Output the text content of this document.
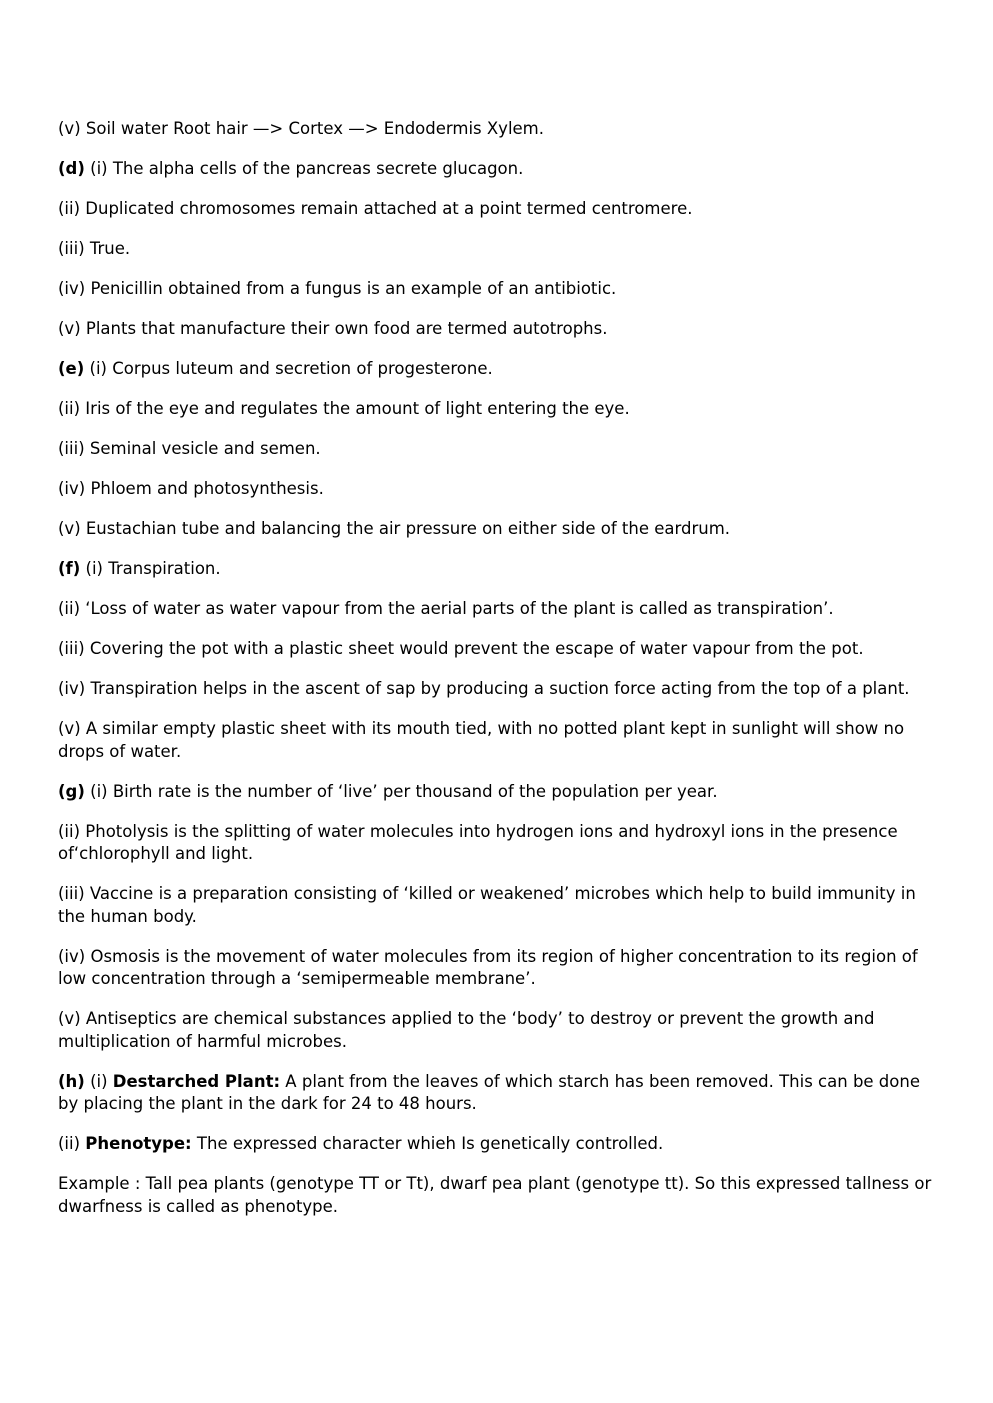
(v) Soil water Root hair —> Cortex —> Endodermis Xylem.

(d) (i) The alpha cells of the pancreas secrete glucagon.

(ii) Duplicated chromosomes remain attached at a point termed centromere.

(iii) True.

(iv) Penicillin obtained from a fungus is an example of an antibiotic.

(v) Plants that manufacture their own food are termed autotrophs.

(e) (i) Corpus luteum and secretion of progesterone.

(ii) Iris of the eye and regulates the amount of light entering the eye.

(iii) Seminal vesicle and semen.

(iv) Phloem and photosynthesis.

(v) Eustachian tube and balancing the air pressure on either side of the eardrum.

(f) (i) Transpiration.

(ii) ‘Loss of water as water vapour from the aerial parts of the plant is called as transpiration’.

(iii) Covering the pot with a plastic sheet would prevent the escape of water vapour from the pot.

(iv) Transpiration helps in the ascent of sap by producing a suction force acting from the top of a plant.

(v) A similar empty plastic sheet with its mouth tied, with no potted plant kept in sunlight will show no drops of water.

(g) (i) Birth rate is the number of ‘live’ per thousand of the population per year.

(ii) Photolysis is the splitting of water molecules into hydrogen ions and hydroxyl ions in the presence of‘chlorophyll and light.

(iii) Vaccine is a preparation consisting of ‘killed or weakened’ microbes which help to build immunity in the human body.

(iv) Osmosis is the movement of water molecules from its region of higher concentration to its region of low concentration through a ‘semipermeable membrane’.

(v) Antiseptics are chemical substances applied to the ‘body’ to destroy or prevent the growth and multiplication of harmful microbes.

(h) (i) Destarched Plant: A plant from the leaves of which starch has been removed. This can be done by placing the plant in the dark for 24 to 48 hours.

(ii) Phenotype: The expressed character whieh Is genetically controlled.

Example : Tall pea plants (genotype TT or Tt), dwarf pea plant (genotype tt). So this expressed tallness or dwarfness is called as phenotype.
